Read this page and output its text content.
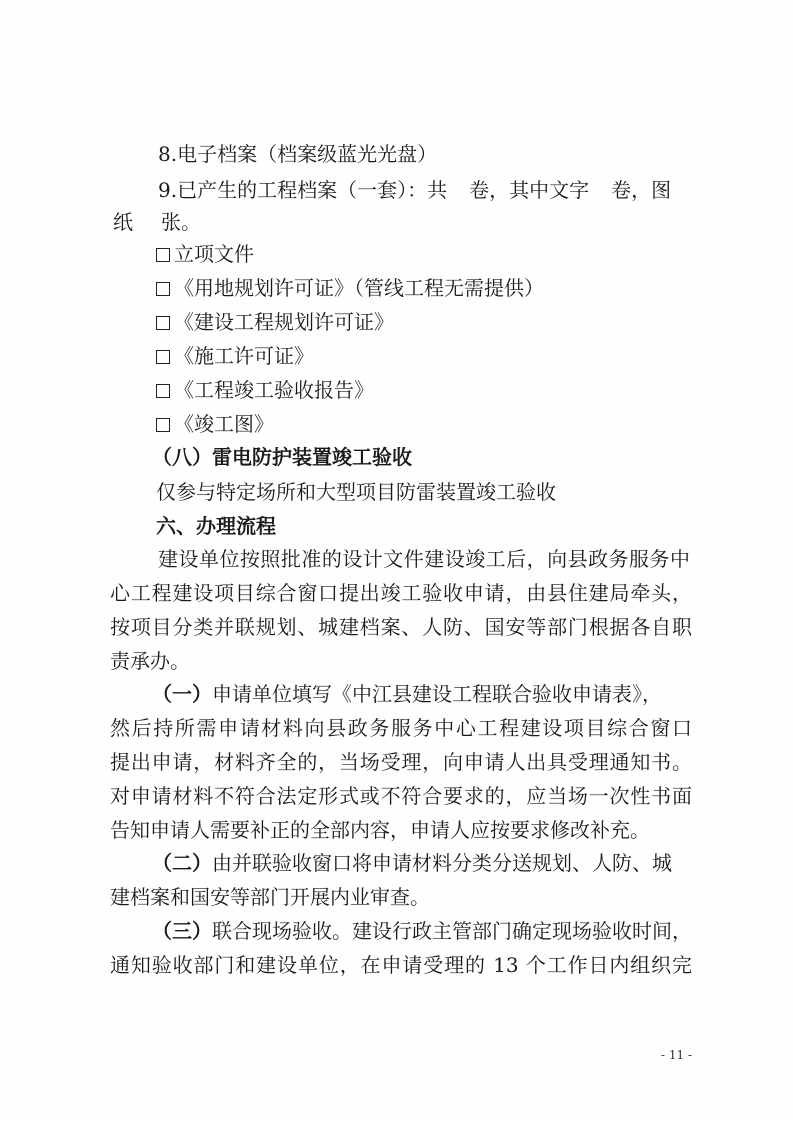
8.电子档案（档案级蓝光光盘）
9.已产生的工程档案（一套）：共 卷，其中文字 卷，图
纸 张。
立项文件
《用地规划许可证》（管线工程无需提供）
《建设工程规划许可证》
《施工许可证》
《工程竣工验收报告》
《竣工图》
（八）雷电防护装置竣工验收
仅参与特定场所和大型项目防雷装置竣工验收
六、办理流程
建设单位按照批准的设计文件建设竣工后，向县政务服务中
心工程建设项目综合窗口提出竣工验收申请，由县住建局牵头，
按项目分类并联规划、城建档案、人防、国安等部门根据各自职
责承办。
（一）申请单位填写《中江县建设工程联合验收申请表》，
然后持所需申请材料向县政务服务中心工程建设项目综合窗口
提出申请，材料齐全的，当场受理，向申请人出具受理通知书。
对申请材料不符合法定形式或不符合要求的，应当场一次性书面
告知申请人需要补正的全部内容，申请人应按要求修改补充。
（二）由并联验收窗口将申请材料分类分送规划、人防、城
建档案和国安等部门开展内业审查。
（三）联合现场验收。建设行政主管部门确定现场验收时间，
通知验收部门和建设单位，在申请受理的 13 个工作日内组织完
- 11 -
